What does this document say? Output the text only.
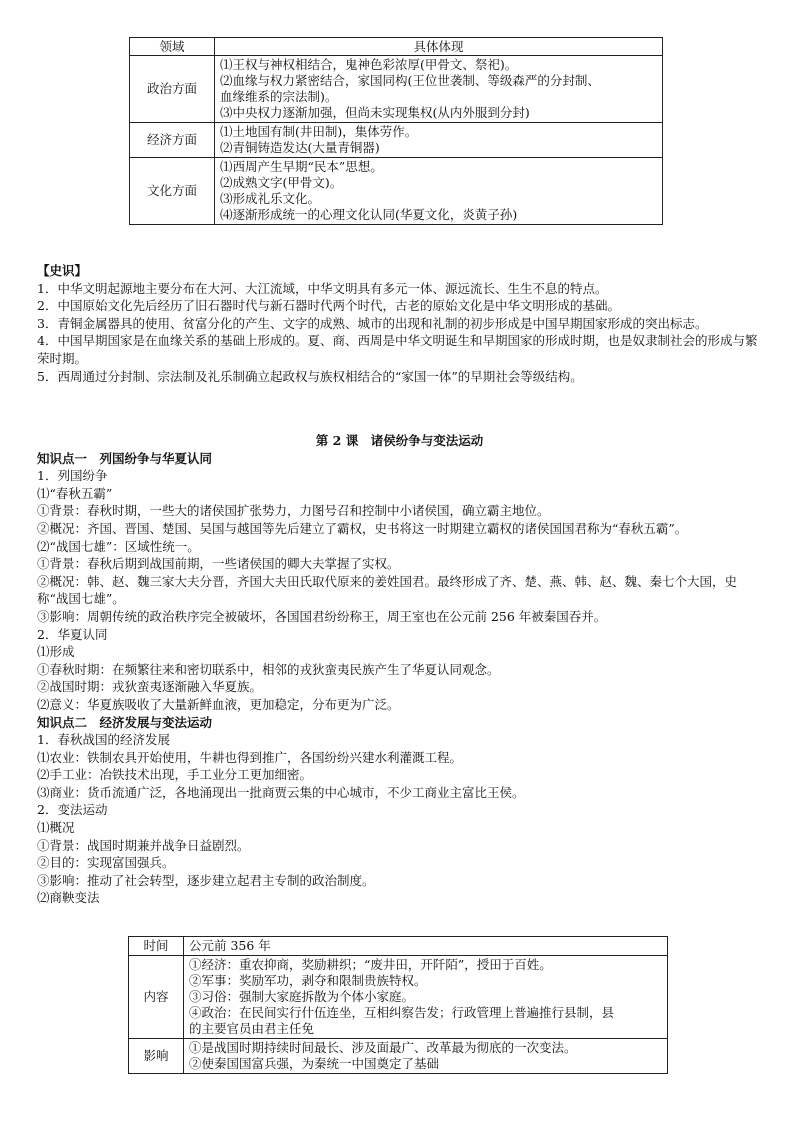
领域	具体体现
政治方面	⑴王权与神权相结合，鬼神色彩浓厚(甲骨文、祭祀)。
⑵血缘与权力紧密结合，家国同构(王位世袭制、等级森严的分封制、
血缘维系的宗法制)。
⑶中央权力逐渐加强，但尚未实现集权(从内外服到分封)

经济方面	⑴土地国有制(井田制)，集体劳作。
⑵青铜铸造发达(大量青铜器)

文化方面	⑴西周产生早期“民本”思想。
⑵成熟文字(甲骨文)。
⑶形成礼乐文化。
⑷逐渐形成统一的心理文化认同(华夏文化，炎黄子孙)
【史识】
1．中华文明起源地主要分布在大河、大江流域，中华文明具有多元一体、源远流长、生生不息的特点。
2．中国原始文化先后经历了旧石器时代与新石器时代两个时代，古老的原始文化是中华文明形成的基础。
3．青铜金属器具的使用、贫富分化的产生、文字的成熟、城市的出现和礼制的初步形成是中国早期国家形成的突出标志。
4．中国早期国家是在血缘关系的基础上形成的。夏、商、西周是中华文明诞生和早期国家的形成时期，也是奴隶制社会的形成与繁荣时期。
5．西周通过分封制、宗法制及礼乐制确立起政权与族权相结合的“家国一体”的早期社会等级结构。
第 2 课　诸侯纷争与变法运动
知识点一　列国纷争与华夏认同
1．列国纷争
⑴“春秋五霸”
①背景：春秋时期，一些大的诸侯国扩张势力，力图号召和控制中小诸侯国，确立霸主地位。
②概况：齐国、晋国、楚国、吴国与越国等先后建立了霸权，史书将这一时期建立霸权的诸侯国国君称为“春秋五霸”。
⑵“战国七雄”：区域性统一。
①背景：春秋后期到战国前期，一些诸侯国的卿大夫掌握了实权。
②概况：韩、赵、魏三家大夫分晋，齐国大夫田氏取代原来的姜姓国君。最终形成了齐、楚、燕、韩、赵、魏、秦七个大国，史称“战国七雄”。
③影响：周朝传统的政治秩序完全被破坏，各国国君纷纷称王，周王室也在公元前 256 年被秦国吞并。
2．华夏认同
⑴形成
①春秋时期：在频繁往来和密切联系中，相邻的戎狄蛮夷民族产生了华夏认同观念。
②战国时期：戎狄蛮夷逐渐融入华夏族。
⑵意义：华夏族吸收了大量新鲜血液，更加稳定，分布更为广泛。
知识点二　经济发展与变法运动
1．春秋战国的经济发展
⑴农业：铁制农具开始使用，牛耕也得到推广，各国纷纷兴建水利灌溉工程。
⑵手工业：冶铁技术出现，手工业分工更加细密。
⑶商业：货币流通广泛，各地涌现出一批商贾云集的中心城市，不少工商业主富比王侯。
2．变法运动
⑴概况
①背景：战国时期兼并战争日益剧烈。
②目的：实现富国强兵。
③影响：推动了社会转型，逐步建立起君主专制的政治制度。
⑵商鞅变法
时间	公元前 356 年

内容	①经济：重农抑商，奖励耕织；“废井田，开阡陌”，授田于百姓。
②军事：奖励军功，剥夺和限制贵族特权。
③习俗：强制大家庭拆散为个体小家庭。
④政治：在民间实行什伍连坐，互相纠察告发；行政管理上普遍推行县制，县
的主要官员由君主任免

影响	①是战国时期持续时间最长、涉及面最广、改革最为彻底的一次变法。
②使秦国国富兵强，为秦统一中国奠定了基础
